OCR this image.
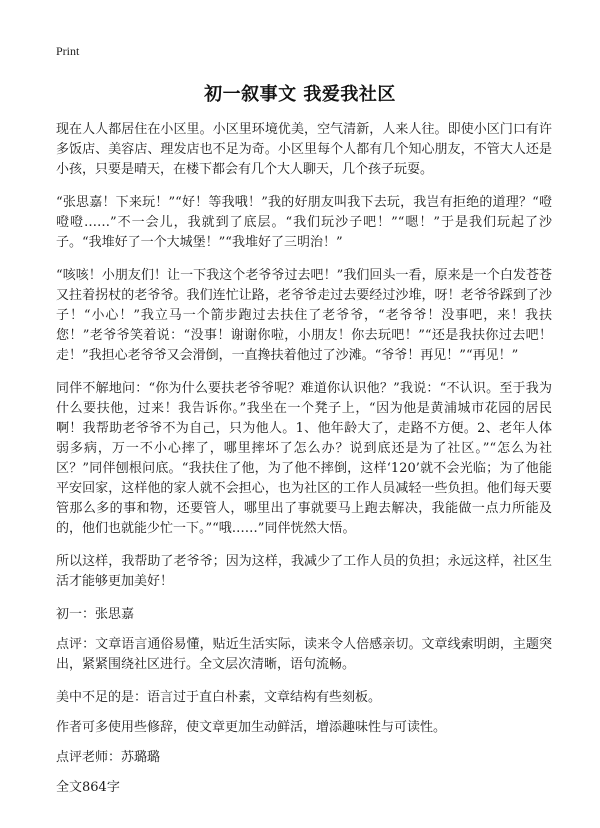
Print
初一叙事文 我爱我社区

现在人人都居住在小区里。小区里环境优美，空气清新，人来人往。即使小区门口有许多饭店、美容店、理发店也不足为奇。小区里每个人都有几个知心朋友，不管大人还是小孩，只要是晴天，在楼下都会有几个大人聊天，几个孩子玩耍。

“张思嘉！下来玩！”“好！等我哦！”我的好朋友叫我下去玩，我岂有拒绝的道理？“噔噔噔……”不一会儿，我就到了底层。“我们玩沙子吧！”“嗯！”于是我们玩起了沙子。“我堆好了一个大城堡！”“我堆好了三明治！”

“咳咳！小朋友们！让一下我这个老爷爷过去吧！”我们回头一看，原来是一个白发苍苍又拄着拐杖的老爷爷。我们连忙让路，老爷爷走过去要经过沙堆，呀！老爷爷踩到了沙子！“小心！”我立马一个箭步跑过去扶住了老爷爷，“老爷爷！没事吧，来！我扶您！”老爷爷笑着说：“没事！谢谢你啦，小朋友！你去玩吧！”“还是我扶你过去吧！走！”我担心老爷爷又会滑倒，一直搀扶着他过了沙滩。“爷爷！再见！”“再见！”

同伴不解地问：“你为什么要扶老爷爷呢？难道你认识他？”我说：“不认识。至于我为什么要扶他，过来！我告诉你。”我坐在一个凳子上，“因为他是黄浦城市花园的居民啊！我帮助老爷爷不为自己，只为他人。1、他年龄大了，走路不方便。2、老年人体弱多病，万一不小心摔了，哪里摔坏了怎么办？说到底还是为了社区。”“怎么为社区？”同伴刨根问底。“我扶住了他，为了他不摔倒，这样‘120’就不会光临；为了他能平安回家，这样他的家人就不会担心，也为社区的工作人员减轻一些负担。他们每天要管那么多的事和物，还要管人，哪里出了事就要马上跑去解决，我能做一点力所能及的，他们也就能少忙一下。”“哦……”同伴恍然大悟。

所以这样，我帮助了老爷爷；因为这样，我减少了工作人员的负担；永远这样，社区生活才能够更加美好！

初一：张思嘉

点评：文章语言通俗易懂，贴近生活实际，读来令人倍感亲切。文章线索明朗，主题突出，紧紧围绕社区进行。全文层次清晰，语句流畅。

美中不足的是：语言过于直白朴素，文章结构有些刻板。

作者可多使用些修辞，使文章更加生动鲜活，增添趣味性与可读性。

点评老师：苏璐璐

全文864字
